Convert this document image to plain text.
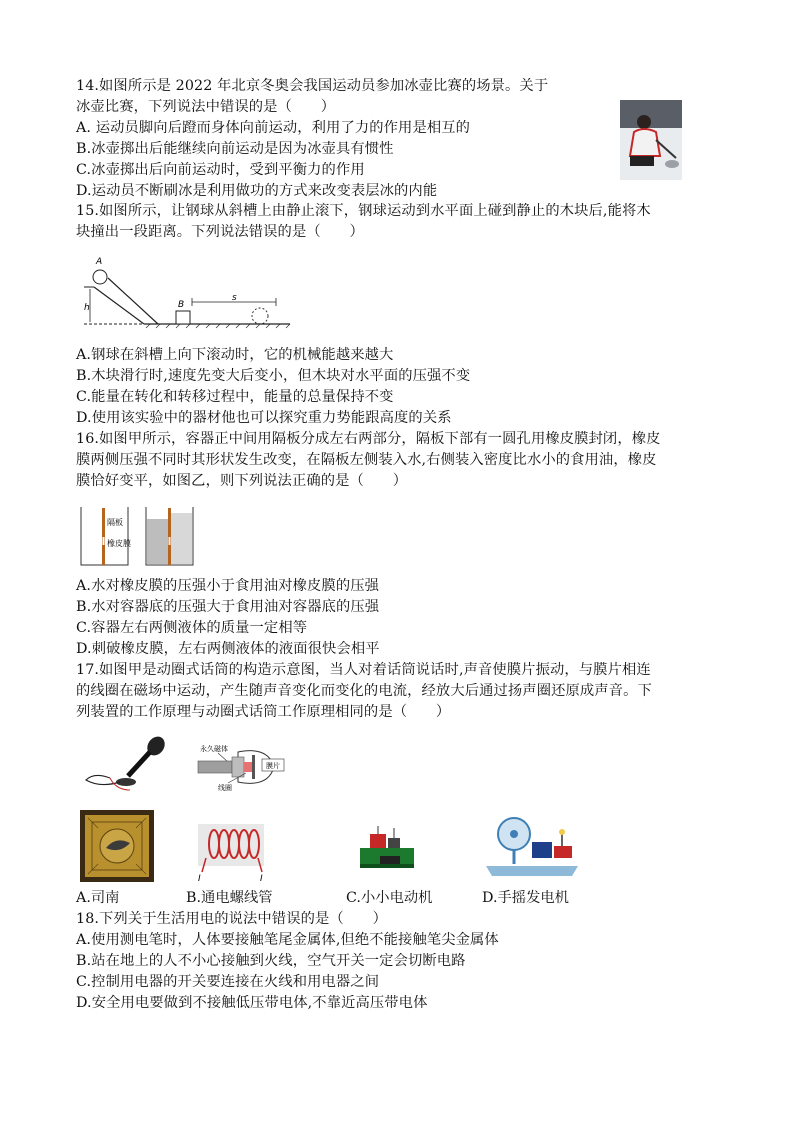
14.如图所示是 2022 年北京冬奥会我国运动员参加冰壶比赛的场景。关于
冰壶比赛，下列说法中错误的是（　　）
A. 运动员脚向后蹬而身体向前运动，利用了力的作用是相互的
B.冰壶掷出后能继续向前运动是因为冰壶具有惯性
C.冰壶掷出后向前运动时，受到平衡力的作用
D.运动员不断刷冰是利用做功的方式来改变表层冰的内能
15.如图所示，让钢球从斜槽上由静止滚下，钢球运动到水平面上碰到静止的木块后,能将木
块撞出一段距离。下列说法错误的是（　　）
h
A
B
s
A.钢球在斜槽上向下滚动时，它的机械能越来越大
B.木块滑行时,速度先变大后变小，但木块对水平面的压强不变
C.能量在转化和转移过程中，能量的总量保持不变
D.使用该实验中的器材他也可以探究重力势能跟高度的关系
16.如图甲所示，容器正中间用隔板分成左右两部分，隔板下部有一圆孔用橡皮膜封闭，橡皮
膜两侧压强不同时其形状发生改变，在隔板左侧装入水,右侧装入密度比水小的食用油，橡皮
膜恰好变平，如图乙，则下列说法正确的是（　　）
隔板
橡皮膜
A.水对橡皮膜的压强小于食用油对橡皮膜的压强
B.水对容器底的压强大于食用油对容器底的压强
C.容器左右两侧液体的质量一定相等
D.刺破橡皮膜，左右两侧液体的液面很快会相平
17.如图甲是动圈式话筒的构造示意图，当人对着话筒说话时,声音使膜片振动，与膜片相连
的线圈在磁场中运动，产生随声音变化而变化的电流，经放大后通过扬声圈还原成声音。下
列装置的工作原理与动圈式话筒工作原理相同的是（　　）
永久磁体
膜片
线圈
A.司南
I	I
B.通电螺线管	C.小小电动机	D.手摇发电机
18.下列关于生活用电的说法中错误的是（　　）
A.使用测电笔时，人体要接触笔尾金属体,但绝不能接触笔尖金属体
B.站在地上的人不小心接触到火线，空气开关一定会切断电路
C.控制用电器的开关要连接在火线和用电器之间
D.安全用电要做到不接触低压带电体,不靠近高压带电体
